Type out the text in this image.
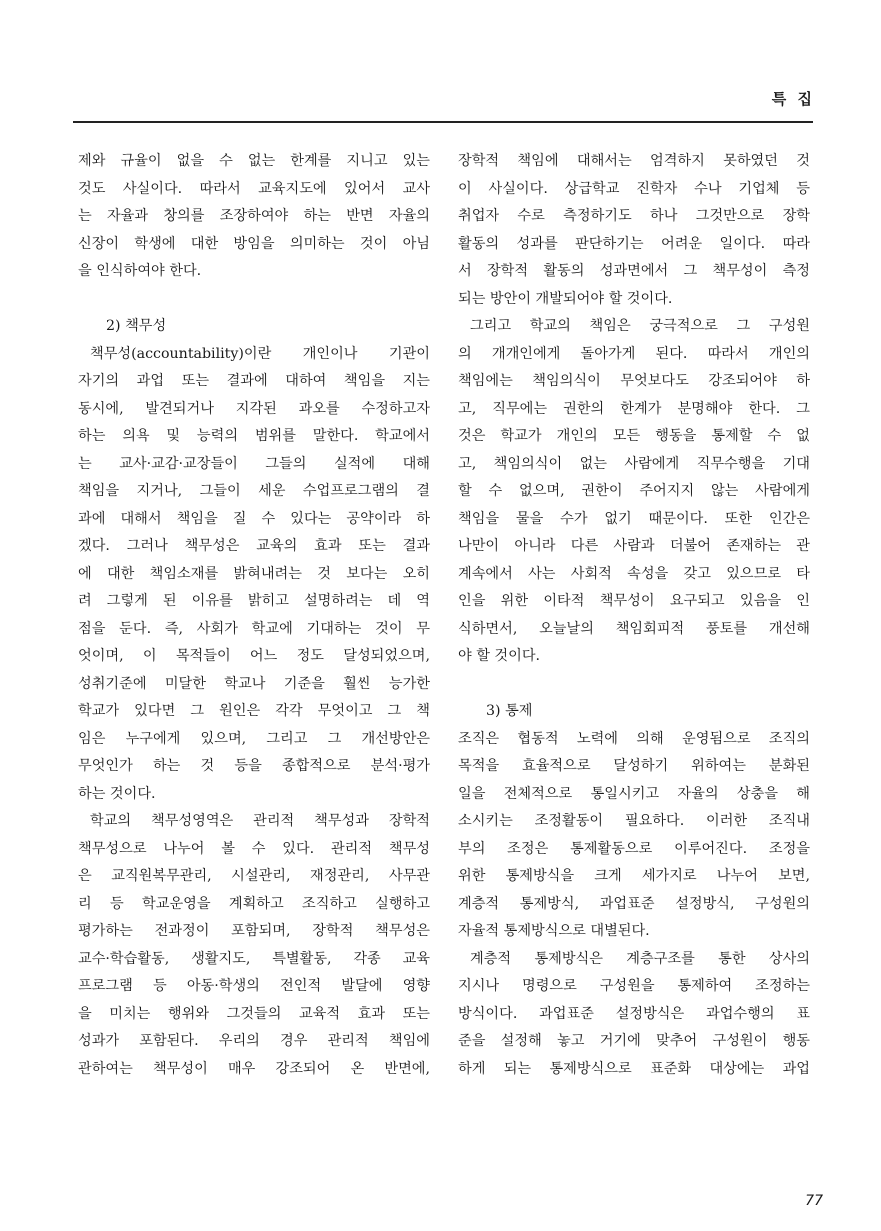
특 집
제와 규율이 없을 수 없는 한계를 지니고 있는
것도 사실이다. 따라서 교육지도에 있어서 교사
는 자율과 창의를 조장하여야 하는 반면 자율의
신장이 학생에 대한 방임을 의미하는 것이 아님
을 인식하여야 한다.
2) 책무성
책무성(accountability)이란 개인이나 기관이
자기의 과업 또는 결과에 대하여 책임을 지는
동시에, 발견되거나 지각된 과오를 수정하고자
하는 의욕 및 능력의 범위를 말한다. 학교에서
는 교사·교감·교장들이 그들의 실적에 대해
책임을 지거나, 그들이 세운 수업프로그램의 결
과에 대해서 책임을 질 수 있다는 공약이라 하
겠다. 그러나 책무성은 교육의 효과 또는 결과
에 대한 책임소재를 밝혀내려는 것 보다는 오히
려 그렇게 된 이유를 밝히고 설명하려는 데 역
점을 둔다. 즉, 사회가 학교에 기대하는 것이 무
엇이며, 이 목적들이 어느 정도 달성되었으며,
성취기준에 미달한 학교나 기준을 훨씬 능가한
학교가 있다면 그 원인은 각각 무엇이고 그 책
임은 누구에게 있으며, 그리고 그 개선방안은
무엇인가 하는 것 등을 종합적으로 분석·평가
하는 것이다.
학교의 책무성영역은 관리적 책무성과 장학적
책무성으로 나누어 볼 수 있다. 관리적 책무성
은 교직원복무관리, 시설관리, 재정관리, 사무관
리 등 학교운영을 계획하고 조직하고 실행하고
평가하는 전과정이 포함되며, 장학적 책무성은
교수·학습활동, 생활지도, 특별활동, 각종 교육
프로그램 등 아동·학생의 전인적 발달에 영향
을 미치는 행위와 그것들의 교육적 효과 또는
성과가 포함된다. 우리의 경우 관리적 책임에
관하여는 책무성이 매우 강조되어 온 반면에,
장학적 책임에 대해서는 엄격하지 못하였던 것
이 사실이다. 상급학교 진학자 수나 기업체 등
취업자 수로 측정하기도 하나 그것만으로 장학
활동의 성과를 판단하기는 어려운 일이다. 따라
서 장학적 활동의 성과면에서 그 책무성이 측정
되는 방안이 개발되어야 할 것이다.
그리고 학교의 책임은 궁극적으로 그 구성원
의 개개인에게 돌아가게 된다. 따라서 개인의
책임에는 책임의식이 무엇보다도 강조되어야 하
고, 직무에는 권한의 한계가 분명해야 한다. 그
것은 학교가 개인의 모든 행동을 통제할 수 없
고, 책임의식이 없는 사람에게 직무수행을 기대
할 수 없으며, 권한이 주어지지 않는 사람에게
책임을 물을 수가 없기 때문이다. 또한 인간은
나만이 아니라 다른 사람과 더불어 존재하는 관
계속에서 사는 사회적 속성을 갖고 있으므로 타
인을 위한 이타적 책무성이 요구되고 있음을 인
식하면서, 오늘날의 책임회피적 풍토를 개선해
야 할 것이다.
3) 통제
조직은 협동적 노력에 의해 운영됨으로 조직의
목적을 효율적으로 달성하기 위하여는 분화된
일을 전체적으로 통일시키고 자율의 상충을 해
소시키는 조정활동이 필요하다. 이러한 조직내
부의 조정은 통제활동으로 이루어진다. 조정을
위한 통제방식을 크게 세가지로 나누어 보면,
계층적 통제방식, 과업표준 설정방식, 구성원의
자율적 통제방식으로 대별된다.
계층적 통제방식은 계층구조를 통한 상사의
지시나 명령으로 구성원을 통제하여 조정하는
방식이다. 과업표준 설정방식은 과업수행의 표
준을 설정해 놓고 거기에 맞추어 구성원이 행동
하게 되는 통제방식으로 표준화 대상에는 과업
77
